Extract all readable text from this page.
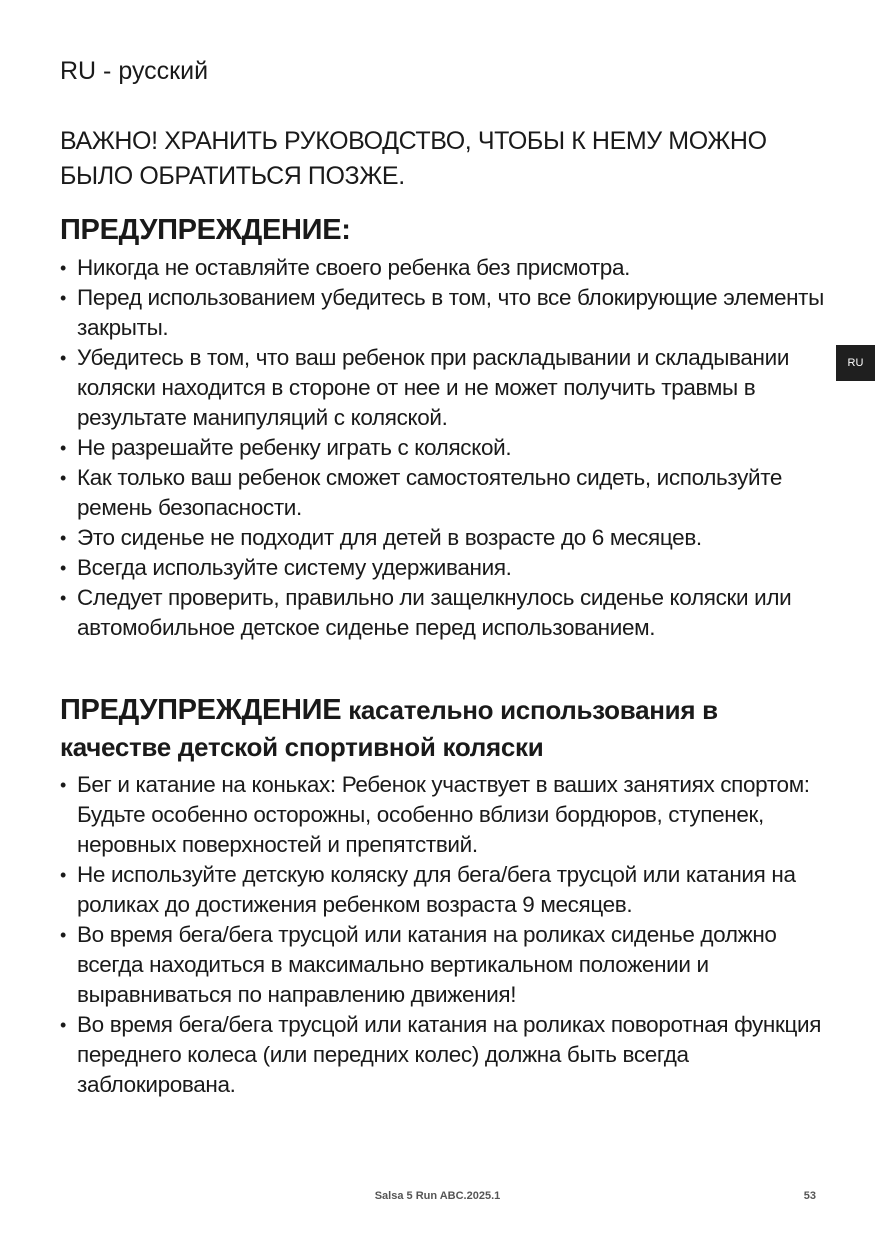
RU - русский

ВАЖНО! ХРАНИТЬ РУКОВОДСТВО, ЧТОБЫ К НЕМУ МОЖНО БЫЛО ОБРАТИТЬСЯ ПОЗЖЕ.

ПРЕДУПРЕЖДЕНИЕ:
• Никогда не оставляйте своего ребенка без присмотра.
• Перед использованием убедитесь в том, что все блокирующие элементы закрыты.
• Убедитесь в том, что ваш ребенок при раскладывании и складывании коляски находится в стороне от нее и не может получить травмы в результате манипуляций с коляской.
• Не разрешайте ребенку играть с коляской.
• Как только ваш ребенок сможет самостоятельно сидеть, используйте ремень безопасности.
• Это сиденье не подходит для детей в возрасте до 6 месяцев.
• Всегда используйте систему удерживания.
• Следует проверить, правильно ли защелкнулось сиденье коляски или автомобильное детское сиденье перед использованием.
ПРЕДУПРЕЖДЕНИЕ касательно использования в качестве детской спортивной коляски
• Бег и катание на коньках: Ребенок участвует в ваших занятиях спортом: Будьте особенно осторожны, особенно вблизи бордюров, ступенек, неровных поверхностей и препятствий.
• Не используйте детскую коляску для бега/бега трусцой или катания на роликах до достижения ребенком возраста 9 месяцев.
• Во время бега/бега трусцой или катания на роликах сиденье должно всегда находиться в максимально вертикальном положении и выравниваться по направлению движения!
• Во время бега/бега трусцой или катания на роликах поворотная функция переднего колеса (или передних колес) должна быть всегда заблокирована.
RU
Salsa 5 Run ABC.2025.1	53
